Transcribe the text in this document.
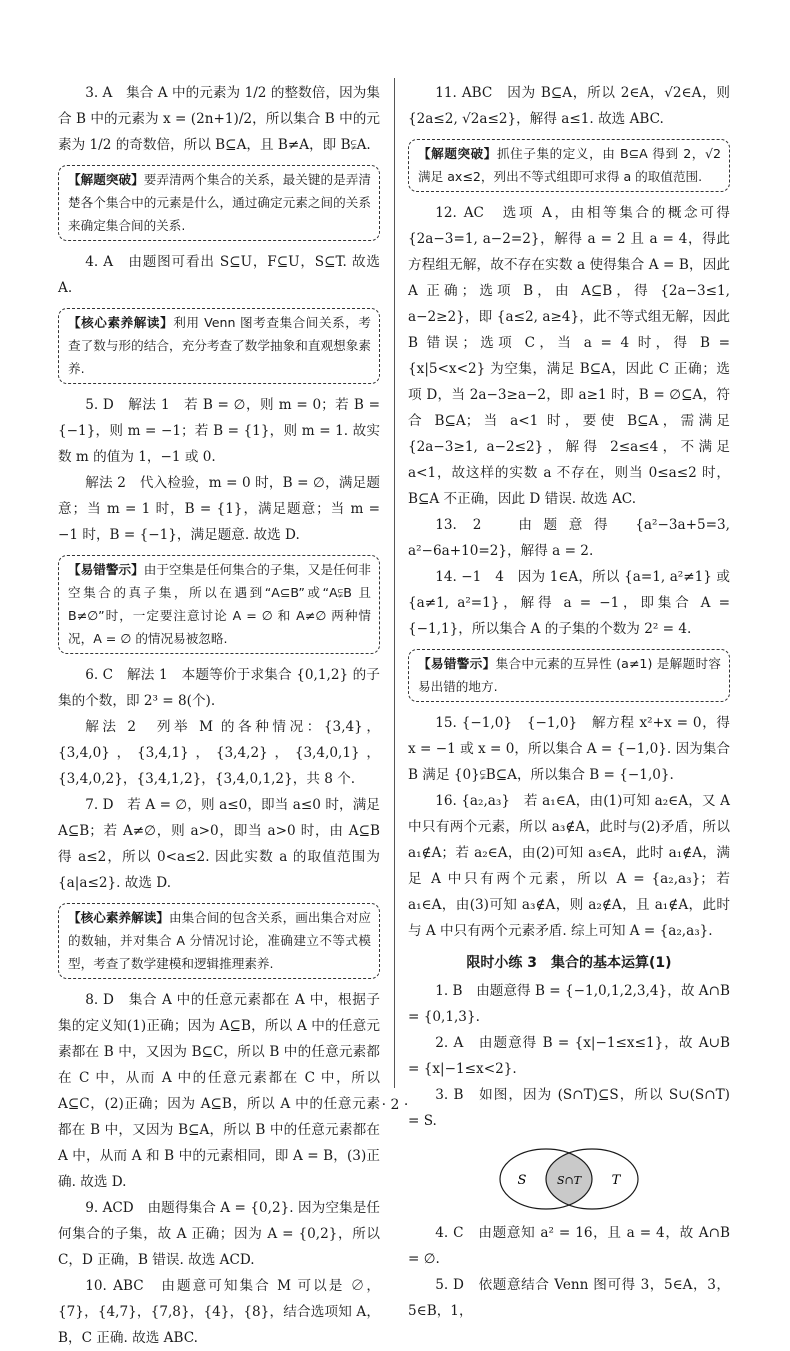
3. A　集合 A 中的元素为 1/2 的整数倍，因为集合 B 中的元素为 x = (2n+1)/2，所以集合 B 中的元素为 1/2 的奇数倍，所以 B⊆A，且 B≠A，即 B⫋A.

【解题突破】要弄清两个集合的关系，最关键的是弄清楚各个集合中的元素是什么，通过确定元素之间的关系来确定集合间的关系.

4. A　由题图可看出 S⊆U，F⊆U，S⊆T. 故选 A.

【核心素养解读】利用 Venn 图考查集合间关系，考查了数与形的结合，充分考查了数学抽象和直观想象素养.

5. D　解法 1　若 B = ∅，则 m = 0；若 B = {−1}，则 m = −1；若 B = {1}，则 m = 1. 故实数 m 的值为 1，−1 或 0.

解法 2　代入检验，m = 0 时，B = ∅，满足题意；当 m = 1 时，B = {1}，满足题意；当 m = −1 时，B = {−1}，满足题意. 故选 D.

【易错警示】由于空集是任何集合的子集，又是任何非空集合的真子集，所以在遇到“A⊆B”或“A⫋B 且 B≠∅”时，一定要注意讨论 A = ∅ 和 A≠∅ 两种情况，A = ∅ 的情况易被忽略.

6. C　解法 1　本题等价于求集合 {0,1,2} 的子集的个数，即 2³ = 8(个).

解法 2　列举 M 的各种情况：{3,4}，{3,4,0}，{3,4,1}，{3,4,2}，{3,4,0,1}，{3,4,0,2}，{3,4,1,2}，{3,4,0,1,2}，共 8 个.

7. D　若 A = ∅，则 a≤0，即当 a≤0 时，满足 A⊆B；若 A≠∅，则 a>0，即当 a>0 时，由 A⊆B 得 a≤2，所以 0<a≤2. 因此实数 a 的取值范围为 {a|a≤2}. 故选 D.

【核心素养解读】由集合间的包含关系，画出集合对应的数轴，并对集合 A 分情况讨论，准确建立不等式模型，考查了数学建模和逻辑推理素养.

8. D　集合 A 中的任意元素都在 A 中，根据子集的定义知(1)正确；因为 A⊆B，所以 A 中的任意元素都在 B 中，又因为 B⊆C，所以 B 中的任意元素都在 C 中，从而 A 中的任意元素都在 C 中，所以 A⊆C，(2)正确；因为 A⊆B，所以 A 中的任意元素都在 B 中，又因为 B⊆A，所以 B 中的任意元素都在 A 中，从而 A 和 B 中的元素相同，即 A = B，(3)正确. 故选 D.

9. ACD　由题得集合 A = {0,2}. 因为空集是任何集合的子集，故 A 正确；因为 A = {0,2}，所以 C，D 正确，B 错误. 故选 ACD.

10. ABC　由题意可知集合 M 可以是 ∅，{7}，{4,7}，{7,8}，{4}，{8}，结合选项知 A，B，C 正确. 故选 ABC.

11. ABC　因为 B⊆A，所以 2∈A，√2∈A，则 {2a≤2, √2a≤2}，解得 a≤1. 故选 ABC.

【解题突破】抓住子集的定义，由 B⊆A 得到 2，√2 满足 ax≤2，列出不等式组即可求得 a 的取值范围.

12. AC　选项 A，由相等集合的概念可得 {2a−3=1, a−2=2}，解得 a = 2 且 a = 4，得此方程组无解，故不存在实数 a 使得集合 A = B，因此 A 正确；选项 B，由 A⊆B，得 {2a−3≤1, a−2≥2}，即 {a≤2, a≥4}，此不等式组无解，因此 B 错误；选项 C，当 a = 4 时，得 B = {x|5<x<2} 为空集，满足 B⊆A，因此 C 正确；选项 D，当 2a−3≥a−2，即 a≥1 时，B = ∅⊆A，符合 B⊆A；当 a<1 时，要使 B⊆A，需满足 {2a−3≥1, a−2≤2}，解得 2≤a≤4，不满足 a<1，故这样的实数 a 不存在，则当 0≤a≤2 时，B⊆A 不正确，因此 D 错误. 故选 AC.

13. 2　由题意得 {a²−3a+5=3, a²−6a+10=2}，解得 a = 2.

14. −1　4　因为 1∈A，所以 {a=1, a²≠1} 或 {a≠1, a²=1}，解得 a = −1，即集合 A = {−1,1}，所以集合 A 的子集的个数为 2² = 4.

【易错警示】集合中元素的互异性 (a≠1) 是解题时容易出错的地方.

15. {−1,0}　{−1,0}　解方程 x²+x = 0，得 x = −1 或 x = 0，所以集合 A = {−1,0}. 因为集合 B 满足 {0}⫋B⊆A，所以集合 B = {−1,0}.

16. {a₂,a₃}　若 a₁∈A，由(1)可知 a₂∈A，又 A 中只有两个元素，所以 a₃∉A，此时与(2)矛盾，所以 a₁∉A；若 a₂∈A，由(2)可知 a₃∈A，此时 a₁∉A，满足 A 中只有两个元素，所以 A = {a₂,a₃}；若 a₁∈A，由(3)可知 a₃∉A，则 a₂∉A，且 a₁∉A，此时与 A 中只有两个元素矛盾. 综上可知 A = {a₂,a₃}.

限时小练 3　集合的基本运算(1)

1. B　由题意得 B = {−1,0,1,2,3,4}，故 A∩B = {0,1,3}.

2. A　由题意得 B = {x|−1≤x≤1}，故 A∪B = {x|−1≤x<2}.

3. B　如图，因为 (S∩T)⊆S，所以 S∪(S∩T) = S.

S	S∩T T

4. C　由题意知 a² = 16，且 a = 4，故 A∩B = ∅.

5. D　依题意结合 Venn 图可得 3，5∈A，3，5∈B，1，

· 2 ·
